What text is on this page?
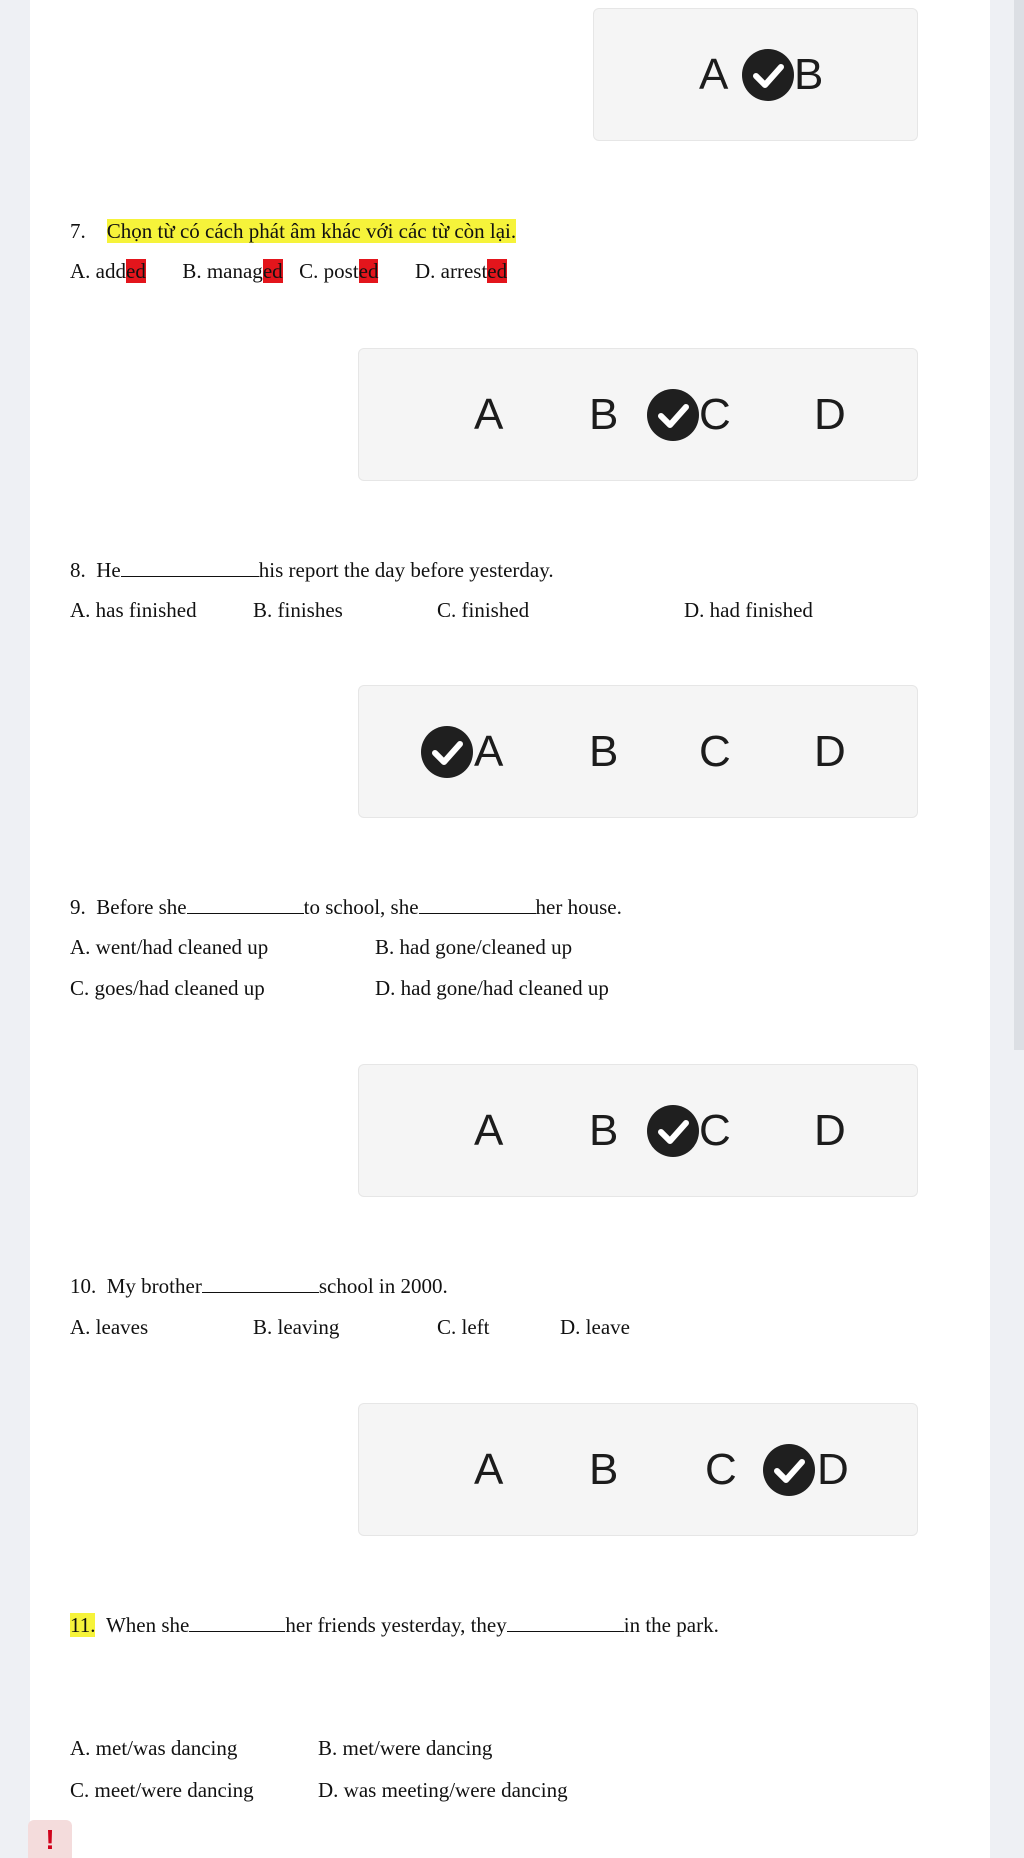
A B
7. Chọn từ có cách phát âm khác với các từ còn lại.
A. added B. managed C. posted D. arrested
A B C D
8. He	his report the day before yesterday.
A. has finished	B. finishes	C. finished	D. had finished
A B C D
9. Before she	to school, she	her house.
A. went/had cleaned up	B. had gone/cleaned up
C. goes/had cleaned up	D. had gone/had cleaned up
A B C D
10. My brother	school in 2000.
A. leaves	B. leaving	C. left	D. leave
A B C D
11. When she	her friends yesterday, they	in the park.
A. met/was dancing	B. met/were dancing
C. meet/were dancing	D. was meeting/were dancing
!
